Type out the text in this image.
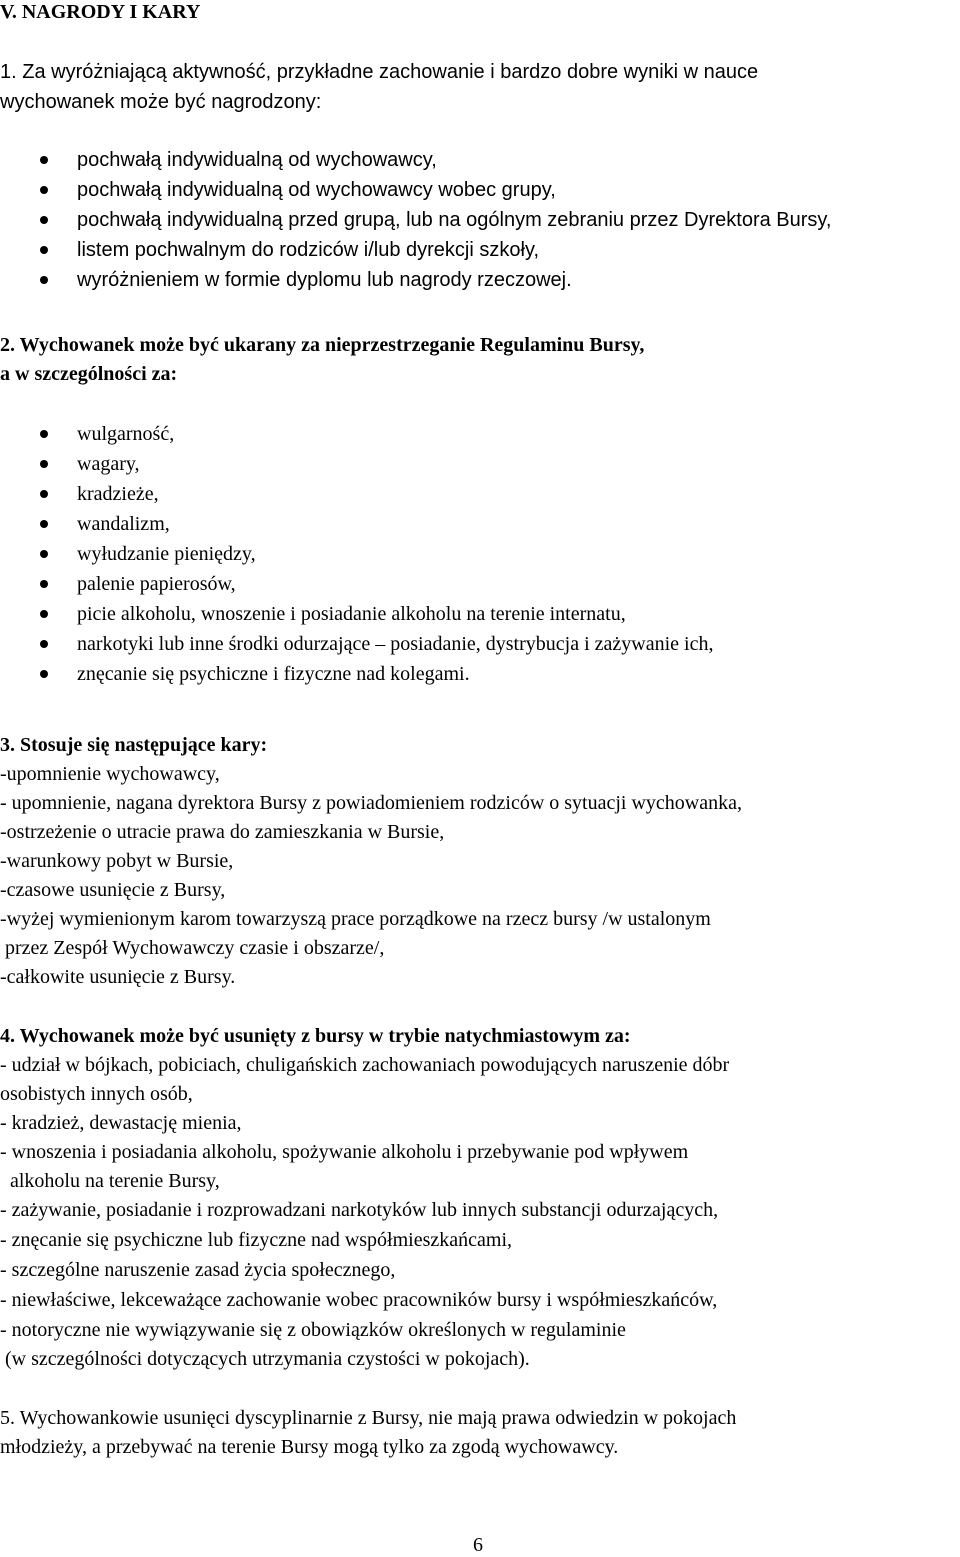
V. NAGRODY I KARY
1. Za wyróżniającą aktywność, przykładne zachowanie i bardzo dobre wyniki w nauce
wychowanek może być nagrodzony:
pochwałą indywidualną od wychowawcy,
pochwałą indywidualną od wychowawcy wobec grupy,
pochwałą indywidualną przed grupą, lub na ogólnym zebraniu przez Dyrektora Bursy,
listem pochwalnym do rodziców i/lub dyrekcji szkoły,
wyróżnieniem w formie dyplomu lub nagrody rzeczowej.
2. Wychowanek może być ukarany za nieprzestrzeganie Regulaminu Bursy,
a w szczególności za:
wulgarność,
wagary,
kradzieże,
wandalizm,
wyłudzanie pieniędzy,
palenie papierosów,
picie alkoholu, wnoszenie i posiadanie alkoholu na terenie internatu,
narkotyki lub inne środki odurzające – posiadanie, dystrybucja i zażywanie ich,
znęcanie się psychiczne i fizyczne nad kolegami.
3. Stosuje się następujące kary:
-upomnienie wychowawcy,
- upomnienie, nagana dyrektora Bursy z powiadomieniem rodziców o sytuacji wychowanka,
-ostrzeżenie o utracie prawa do zamieszkania w Bursie,
-warunkowy pobyt w Bursie,
-czasowe usunięcie z Bursy,
-wyżej wymienionym karom towarzyszą prace porządkowe na rzecz bursy /w ustalonym
przez Zespół Wychowawczy czasie i obszarze/,
-całkowite usunięcie z Bursy.
4. Wychowanek może być usunięty z bursy w trybie natychmiastowym za:
- udział w bójkach, pobiciach, chuligańskich zachowaniach powodujących naruszenie dóbr
osobistych innych osób,
- kradzież, dewastację mienia,
- wnoszenia i posiadania alkoholu, spożywanie alkoholu i przebywanie pod wpływem
alkoholu na terenie Bursy,
- zażywanie, posiadanie i rozprowadzani narkotyków lub innych substancji odurzających,
- znęcanie się psychiczne lub fizyczne nad współmieszkańcami,
- szczególne naruszenie zasad życia społecznego,
- niewłaściwe, lekceważące zachowanie wobec pracowników bursy i współmieszkańców,
- notoryczne nie wywiązywanie się z obowiązków określonych w regulaminie
(w szczególności dotyczących utrzymania czystości w pokojach).
5. Wychowankowie usunięci dyscyplinarnie z Bursy, nie mają prawa odwiedzin w pokojach
młodzieży, a przebywać na terenie Bursy mogą tylko za zgodą wychowawcy.
6
